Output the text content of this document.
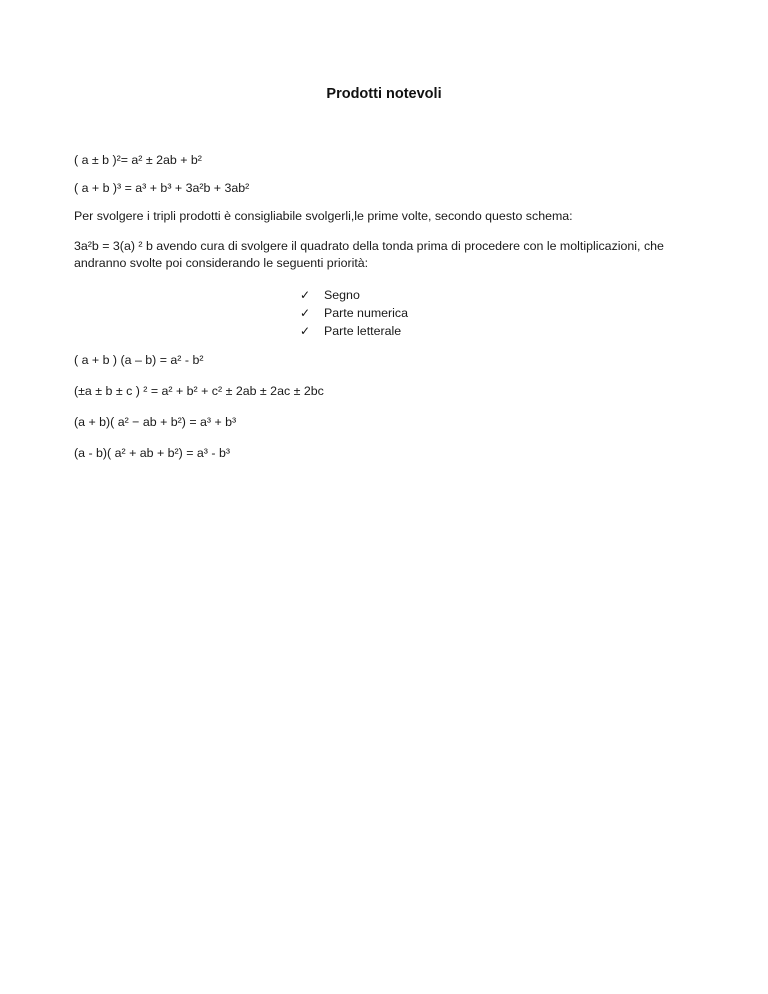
Prodotti notevoli
( a ± b )²= a² ± 2ab + b²
( a + b )³ = a³ + b³ + 3a²b + 3ab²
Per svolgere i tripli prodotti è consigliabile svolgerli,le prime volte, secondo questo schema:
3a²b = 3(a) ² b avendo cura di svolgere il quadrato della tonda prima di procedere con le moltiplicazioni, che andranno svolte poi considerando le seguenti priorità:
✓	Segno
✓	Parte numerica
✓	Parte letterale
( a + b ) (a – b) = a² - b²
(±a ± b ± c ) ² = a² + b² + c² ± 2ab ± 2ac ± 2bc
(a + b)( a² − ab + b²) = a³ + b³
(a - b)( a² + ab + b²) = a³ - b³
